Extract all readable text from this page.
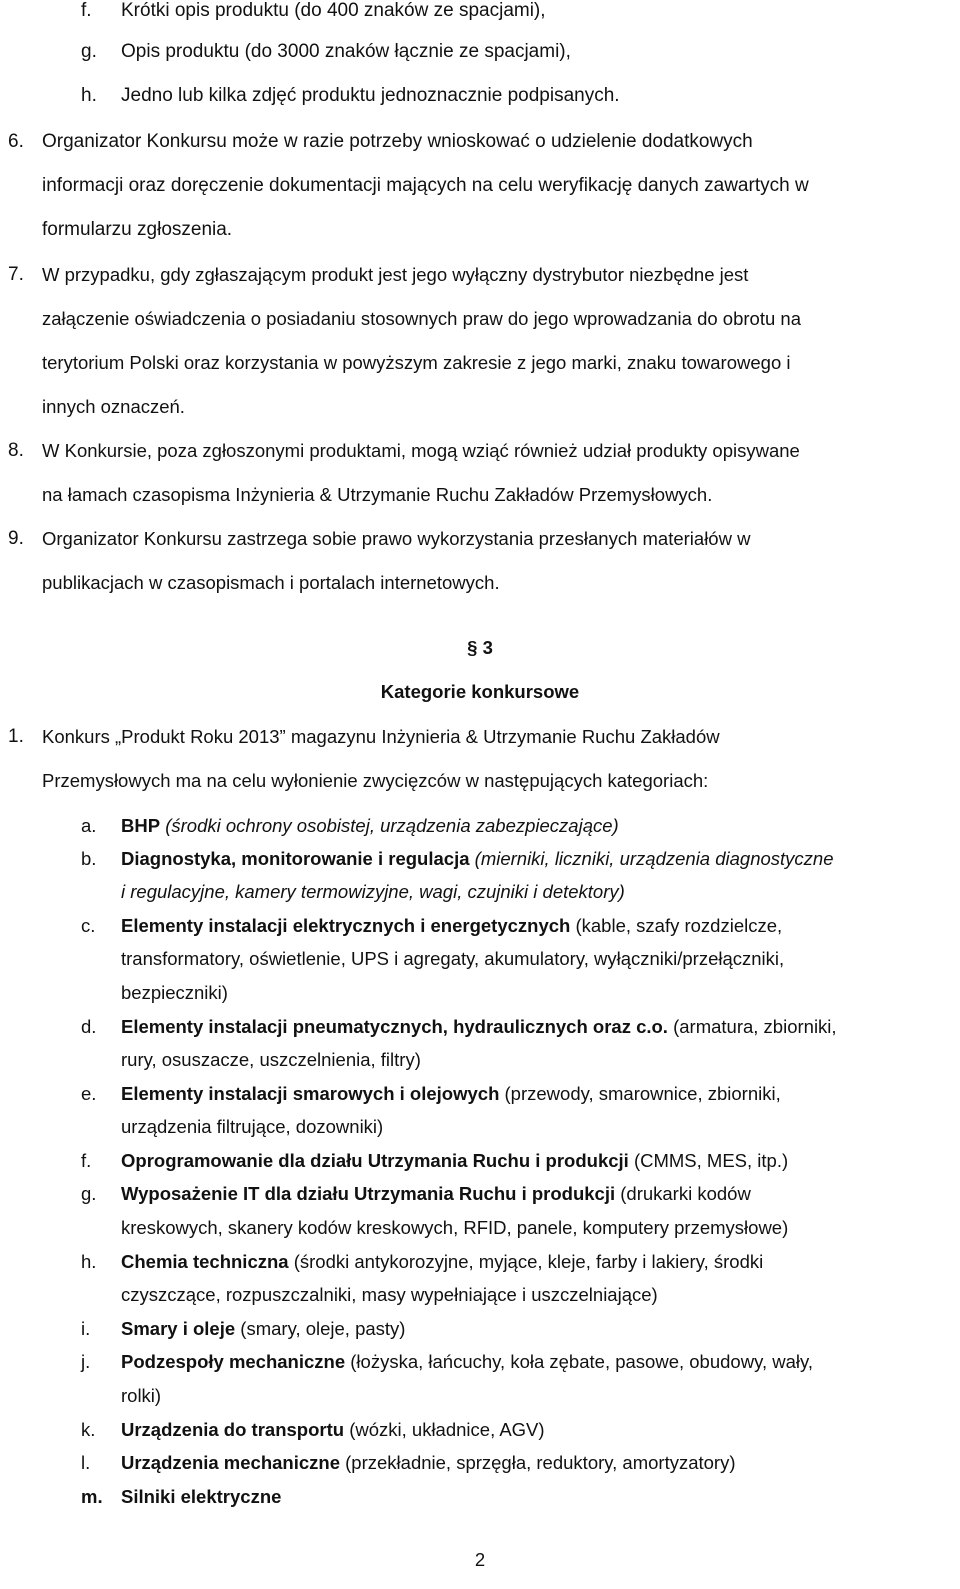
f. Krótki opis produktu (do 400 znaków ze spacjami),
g. Opis produktu (do 3000 znaków łącznie ze spacjami),
h. Jedno lub kilka zdjęć produktu jednoznacznie podpisanych.
6. Organizator Konkursu może w razie potrzeby wnioskować o udzielenie dodatkowych
informacji oraz doręczenie dokumentacji mających na celu weryfikację danych zawartych w
formularzu zgłoszenia.
7. W przypadku, gdy zgłaszającym produkt jest jego wyłączny dystrybutor niezbędne jest
załączenie oświadczenia o posiadaniu stosownych praw do jego wprowadzania do obrotu na
terytorium Polski oraz korzystania w powyższym zakresie z jego marki, znaku towarowego i
innych oznaczeń.
8. W Konkursie, poza zgłoszonymi produktami, mogą wziąć również udział produkty opisywane
na łamach czasopisma Inżynieria & Utrzymanie Ruchu Zakładów Przemysłowych.
9. Organizator Konkursu zastrzega sobie prawo wykorzystania przesłanych materiałów w
publikacjach w czasopismach i portalach internetowych.
§ 3
Kategorie konkursowe
1. Konkurs „Produkt Roku 2013” magazynu Inżynieria & Utrzymanie Ruchu Zakładów
Przemysłowych ma na celu wyłonienie zwycięzców w następujących kategoriach:
a. BHP (środki ochrony osobistej, urządzenia zabezpieczające)
b. Diagnostyka, monitorowanie i regulacja (mierniki, liczniki, urządzenia diagnostyczne
i regulacyjne, kamery termowizyjne, wagi, czujniki i detektory)
c. Elementy instalacji elektrycznych i energetycznych (kable, szafy rozdzielcze,
transformatory, oświetlenie, UPS i agregaty, akumulatory, wyłączniki/przełączniki,
bezpieczniki)
d. Elementy instalacji pneumatycznych, hydraulicznych oraz c.o. (armatura, zbiorniki,
rury, osuszacze, uszczelnienia, filtry)
e. Elementy instalacji smarowych i olejowych (przewody, smarownice, zbiorniki,
urządzenia filtrujące, dozowniki)
f. Oprogramowanie dla działu Utrzymania Ruchu i produkcji (CMMS, MES, itp.)
g. Wyposażenie IT dla działu Utrzymania Ruchu i produkcji (drukarki kodów
kreskowych, skanery kodów kreskowych, RFID, panele, komputery przemysłowe)
h. Chemia techniczna (środki antykorozyjne, myjące, kleje, farby i lakiery, środki
czyszczące, rozpuszczalniki, masy wypełniające i uszczelniające)
i. Smary i oleje (smary, oleje, pasty)
j. Podzespoły mechaniczne (łożyska, łańcuchy, koła zębate, pasowe, obudowy, wały,
rolki)
k. Urządzenia do transportu (wózki, układnice, AGV)
l. Urządzenia mechaniczne (przekładnie, sprzęgła, reduktory, amortyzatory)
m. Silniki elektryczne
2
